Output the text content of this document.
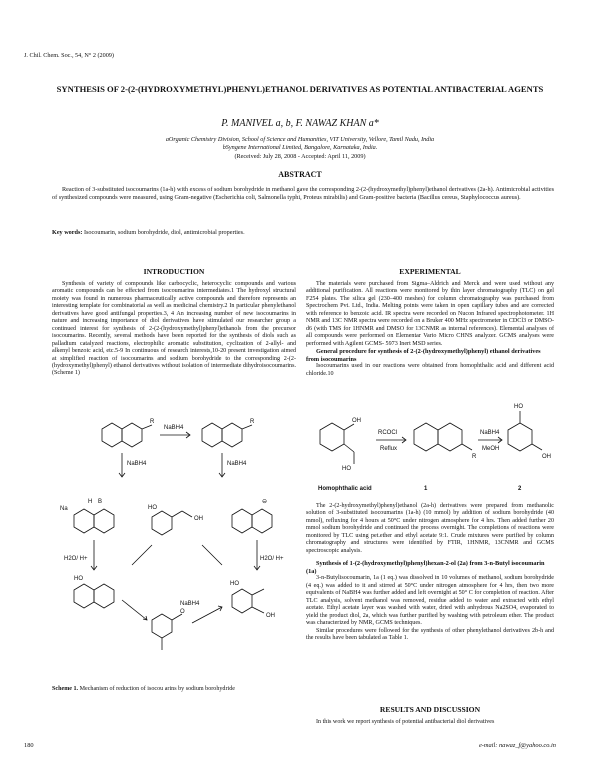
J. Chil. Chem. Soc., 54, N° 2 (2009)
SYNTHESIS OF 2-(2-(HYDROXYMETHYL)PHENYL)ETHANOL DERIVATIVES AS POTENTIAL ANTIBACTERIAL AGENTS
P. MANIVEL a, b, F. NAWAZ KHAN a*
aOrganic Chemistry Division, School of Science and Humanities, VIT University, Vellore, Tamil Nadu, India
bSyngene International Limited, Bangalore, Karnataka, India.
(Received: July 28, 2008 - Accepted: April 11, 2009)
ABSTRACT
Reaction of 3-substituted isocoumarins (1a-h) with excess of sodium borohydride in methanol gave the corresponding 2-(2-(hydroxymethyl)phenyl)ethanol derivatives (2a-h). Antimicrobial activities of synthesized compounds were measured, using Gram-negative (Escherichia coli, Salmonella typhi, Proteus mirabilis) and Gram-positive bacteria (Bacillus cereus, Staphylococcus aureus).
Key words: Isocoumarin, sodium borohydride, diol, antimicrobial properties.
INTRODUCTION

Synthesis of variety of compounds like carbocyclic, heterocyclic compounds and various aromatic compounds can be effected from isocoumarins intermediates.1 The hydroxyl structural moiety was found in numerous pharmaceutically active compounds and therefore represents an interesting template for combinatorial as well as medicinal chemistry.2 In particular phenylethanol derivatives have good antifungal properties.3, 4 An increasing number of new isocoumarins in nature and increasing importance of diol derivatives have stimulated our researcher group a continued interest for synthesis of 2-(2-(hydroxymethyl)phenyl)ethanols from the precursor isocoumarins. Recently, several methods have been reported for the synthesis of diols such as palladium catalyzed reactions, electrophilic aromatic substitution, cyclization of 2-allyl- and alkenyl benzoic acid, etc.5-9 In continuous of research interests,10-20 present investigation aimed at simplified reaction of isocoumarins and sodium borohydride to the corresponding 2-(2-(hydroxymethyl)phenyl) ethanol derivatives without isolation of intermediate dihydroisocoumarins. (Scheme 1)

R	R
NaBH4
NaBH4	NaBH4
Na
H B
HO
OH
⊖
H2O/ H+	H2O/ H+
HO
NaBH4
HO
OH
O
Scheme 1. Mechanism of reduction of isocou arins by sodium borohydride
EXPERIMENTAL

The materials were purchased from Sigma–Aldrich and Merck and were used without any additional purification. All reactions were monitored by thin layer chromatography (TLC) on gel F254 plates. The silica gel (230–400 meshes) for column chromatography was purchased from Spectrochem Pvt. Ltd., India. Melting points were taken in open capillary tubes and are corrected with reference to benzoic acid. IR spectra were recorded on Nucon Infrared spectrophotometer. 1H NMR and 13C NMR spectra were recorded on a Bruker 400 MHz spectrometer in CDCl3 or DMSO-d6 (with TMS for 1HNMR and DMSO for 13CNMR as internal references). Elemental analyses of all compounds were performed on Elementar Vario Micro CHNS analyzer. GCMS analyses were performed with Agilent GCMS- 5973 Inert MSD series.

General procedure for synthesis of 2-(2-(hydroxymethyl)phenyl) ethanol derivatives from isocoumarins

Isocoumarins used in our reactions were obtained from homophthalic acid and different acid chloride.10

OH
HO
RCOCl
Reflux
R
NaBH4
MeOH
HO
OH
Homophthalic acid	1	2

The 2-(2-hydroxymethyl)phenyl)ethanol (2a-h) derivatives were prepared from methanolic solution of 3-substituted isocoumarins (1a-h) (10 mmol) by addition of sodium borohydride (40 mmol), refluxing for 4 hours at 50°C under nitrogen atmosphere for 4 hrs. Then added further 20 mmol sodium borohydride and continued the process overnight. The completions of reactions were monitored by TLC using pet.ether and ethyl acetate 9:1. Crude mixtures were purified by column chromatography and structures were identified by FTIR, 1HNMR, 13CNMR and GCMS spectroscopic analysis.

Synthesis of 1-(2-(hydroxymethyl)phenyl)hexan-2-ol (2a) from 3-n-Butyl isocoumarin (1a)

3-n-Butylisocoumarin, 1a (1 eq.) was dissolved in 10 volumes of methanol, sodium borohydride (4 eq.) was added to it and stirred at 50°C under nitrogen atmosphere for 4 hrs, then two more equivalents of NaBH4 was further added and left overnight at 50° C for completion of reaction. After TLC analysis, solvent methanol was removed, residue added to water and extracted with ethyl acetate. Ethyl acetate layer was washed with water, dried with anhydrous Na2SO4, evaporated to yield the product diol, 2a, which was further purified by washing with petroleum ether. The product was characterized by NMR, GCMS techniques.

Similar procedures were followed for the synthesis of other phenylethanol derivatives 2b-h and the results have been tabulated as Table 1.

RESULTS AND DISCUSSION

In this work we report synthesis of potential antibacterial diol derivatives

180	e-mail: nawaz_f@yahoo.co.in
